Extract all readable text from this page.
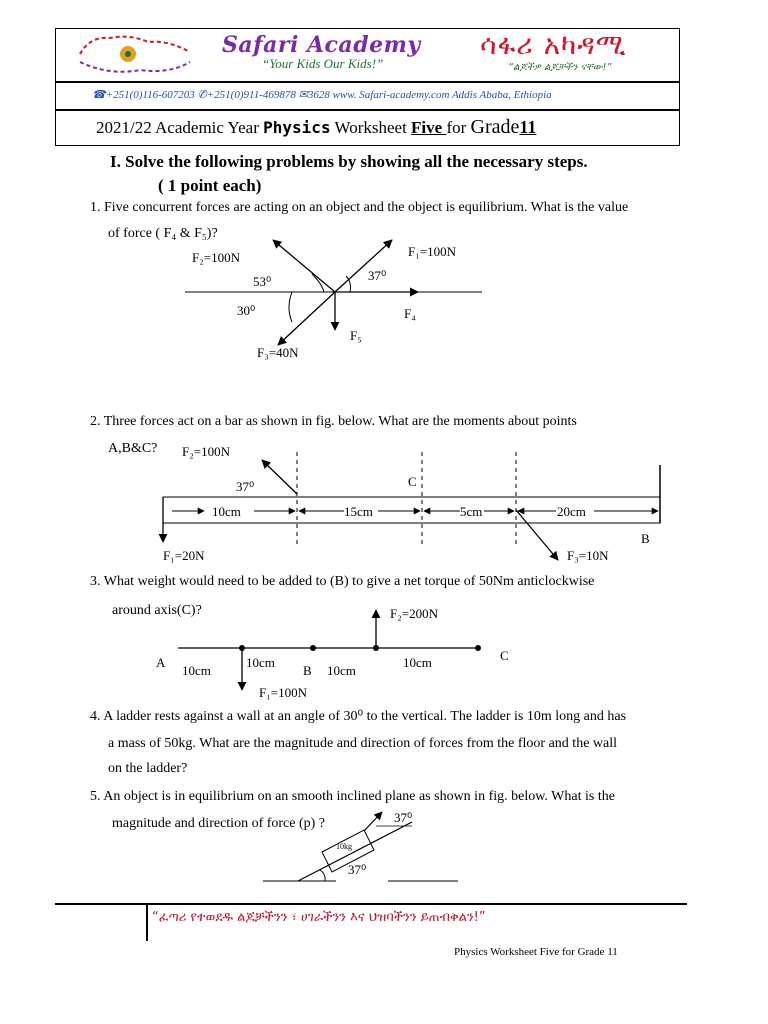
Safari Academy
“Your Kids Our Kids!”
ሳፋሪ አካዳሚ
“ልጆችዎ ልጆቻችን ናቸው!”
☎+251(0)116-607203 ✆+251(0)911-469878 ✉3628 www. Safari-academy.com Addis Ababa, Ethiopia
2021/22 Academic Year Physics Worksheet Five for Grade11
I. Solve the following problems by showing all the necessary steps.
( 1 point each)
1. Five concurrent forces are acting on an object and the object is equilibrium. What is the value
of force ( F₄ & F₅)?
F₂=100N	F₁=100N
53⁰	37⁰
30⁰	F₄
F₅
F₃=40N
2. Three forces act on a bar as shown in fig. below. What are the moments about points
A,B&C? F₂=100N
37⁰	C
10cm	15cm	5cm	20cm
B
F₁=20N	F₃=10N
3. What weight would need to be added to (B) to give a net torque of 50Nm anticlockwise
around axis(C)?	F₂=200N
A	C
10cm
10cm
B 10cm
10cm
F₁=100N
4. A ladder rests against a wall at an angle of 30⁰ to the vertical. The ladder is 10m long and has
a mass of 50kg. What are the magnitude and direction of forces from the floor and the wall
on the ladder?
5. An object is in equilibrium on an smooth inclined plane as shown in fig. below. What is the
magnitude and direction of force (p) ?	37⁰
10kg
37⁰
“ፈጣሪ የተወደዱ ልጆቻችንን ፣ ሀገራችንን እና ህዝባችንን ይጠብቅልን!”
Physics Worksheet Five for Grade 11
